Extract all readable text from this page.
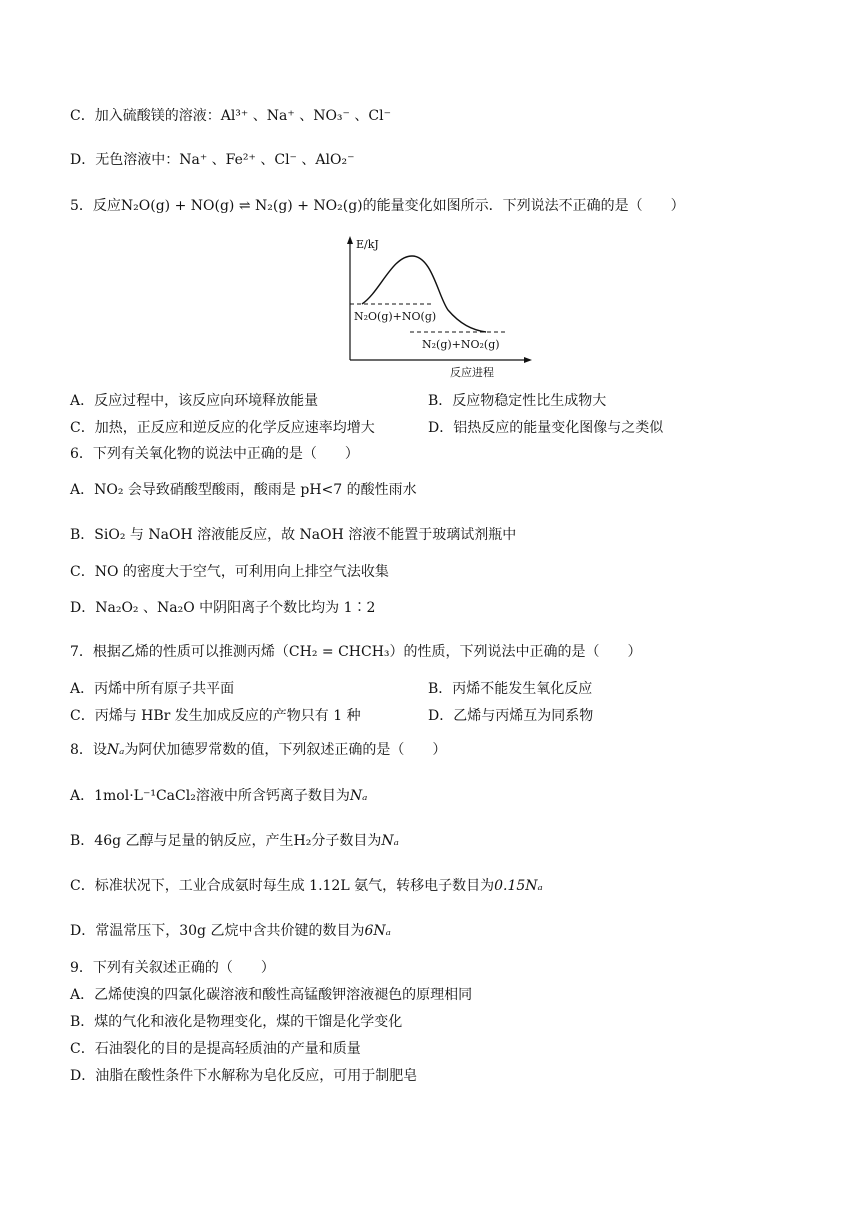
C．加入硫酸镁的溶液：Al³⁺ 、Na⁺ 、NO₃⁻ 、Cl⁻
D．无色溶液中：Na⁺ 、Fe²⁺ 、Cl⁻ 、AlO₂⁻
5．反应N₂O(g) + NO(g) ⇌ N₂(g) + NO₂(g)的能量变化如图所示．下列说法不正确的是（　　）
E/kJ
N₂O(g)+NO(g)
N₂(g)+NO₂(g)
反应进程
A．反应过程中，该反应向环境释放能量	B．反应物稳定性比生成物大
C．加热，正反应和逆反应的化学反应速率均增大	D．铝热反应的能量变化图像与之类似
6．下列有关氧化物的说法中正确的是（　　）
A．NO₂ 会导致硝酸型酸雨，酸雨是 pH<7 的酸性雨水
B．SiO₂ 与 NaOH 溶液能反应，故 NaOH 溶液不能置于玻璃试剂瓶中
C．NO 的密度大于空气，可利用向上排空气法收集
D．Na₂O₂ 、Na₂O 中阴阳离子个数比均为 1∶2
7．根据乙烯的性质可以推测丙烯（CH₂ = CHCH₃）的性质，下列说法中正确的是（　　）
A．丙烯中所有原子共平面	B．丙烯不能发生氧化反应
C．丙烯与 HBr 发生加成反应的产物只有 1 种	D．乙烯与丙烯互为同系物
8．设Nₐ为阿伏加德罗常数的值，下列叙述正确的是（　　）
A．1mol·L⁻¹CaCl₂溶液中所含钙离子数目为Nₐ
B．46g 乙醇与足量的钠反应，产生H₂分子数目为Nₐ
C．标准状况下，工业合成氨时每生成 1.12L 氨气，转移电子数目为0.15Nₐ
D．常温常压下，30g 乙烷中含共价键的数目为6Nₐ
9．下列有关叙述正确的（　　）
A．乙烯使溴的四氯化碳溶液和酸性高锰酸钾溶液褪色的原理相同
B．煤的气化和液化是物理变化，煤的干馏是化学变化
C．石油裂化的目的是提高轻质油的产量和质量
D．油脂在酸性条件下水解称为皂化反应，可用于制肥皂
